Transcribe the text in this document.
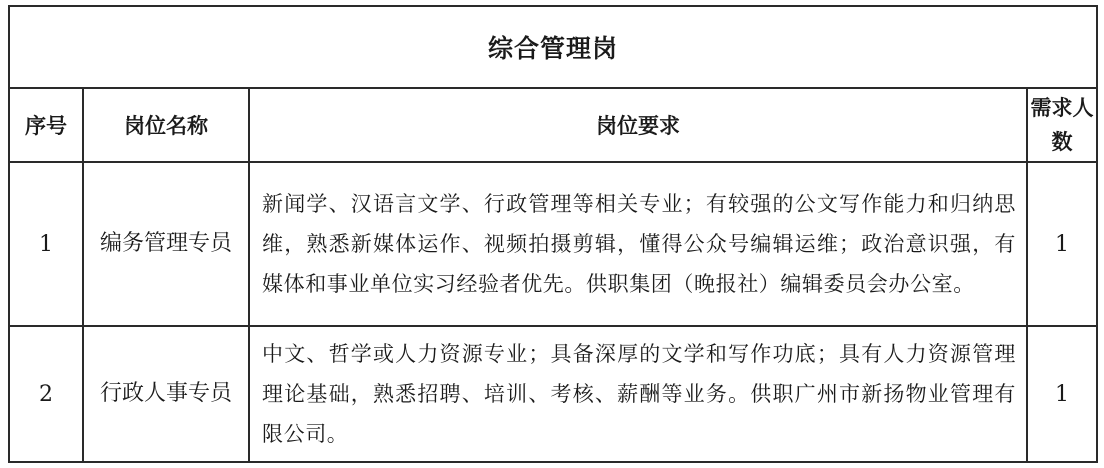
综合管理岗			
序号	岗位名称	岗位要求	需求人数
1	编务管理专员	新闻学、汉语言文学、行政管理等相关专业；有较强的公文写作能力和归纳思维，熟悉新媒体运作、视频拍摄剪辑，懂得公众号编辑运维；政治意识强，有媒体和事业单位实习经验者优先。供职集团（晚报社）编辑委员会办公室。	1
2	行政人事专员	中文、哲学或人力资源专业；具备深厚的文学和写作功底；具有人力资源管理理论基础，熟悉招聘、培训、考核、薪酬等业务。供职广州市新扬物业管理有限公司。	1
